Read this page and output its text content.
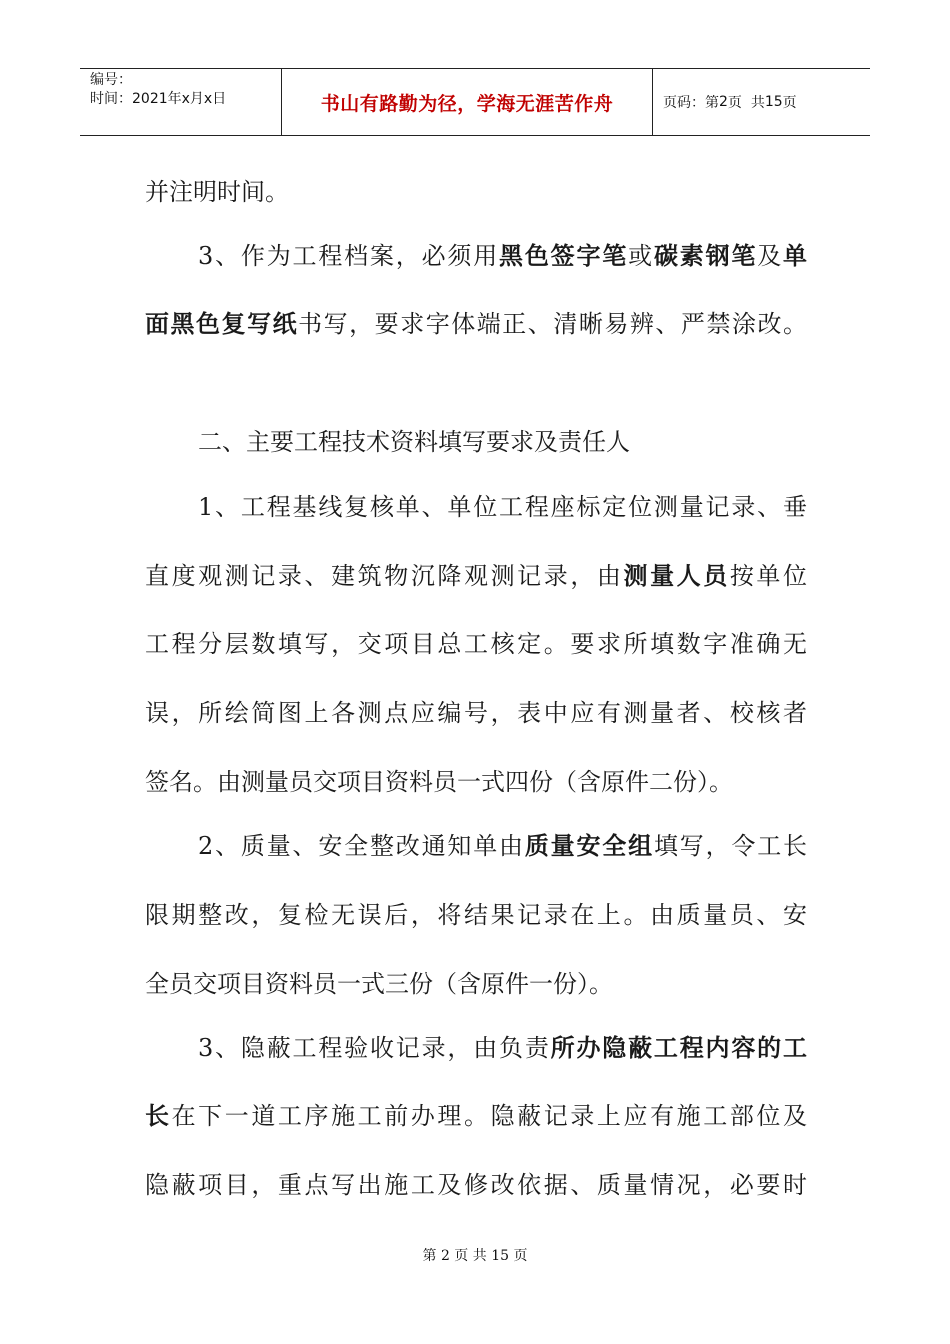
编号：
时间：2021年x月x日	书山有路勤为径，学海无涯苦作舟	页码：第 2 页  共 15 页
并注明时间。
3、作为工程档案，必须用黑色签字笔或碳素钢笔及单
面黑色复写纸书写，要求字体端正、清晰易辨、严禁涂改。
二、主要工程技术资料填写要求及责任人
1、工程基线复核单、单位工程座标定位测量记录、垂
直度观测记录、建筑物沉降观测记录，由测量人员按单位
工程分层数填写，交项目总工核定。要求所填数字准确无
误，所绘简图上各测点应编号，表中应有测量者、校核者
签名。由测量员交项目资料员一式四份（含原件二份）。
2、质量、安全整改通知单由质量安全组填写，令工长
限期整改，复检无误后，将结果记录在上。由质量员、安
全员交项目资料员一式三份（含原件一份）。
3、隐蔽工程验收记录，由负责所办隐蔽工程内容的工
长在下一道工序施工前办理。隐蔽记录上应有施工部位及
隐蔽项目，重点写出施工及修改依据、质量情况，必要时
第 2 页 共 15 页
